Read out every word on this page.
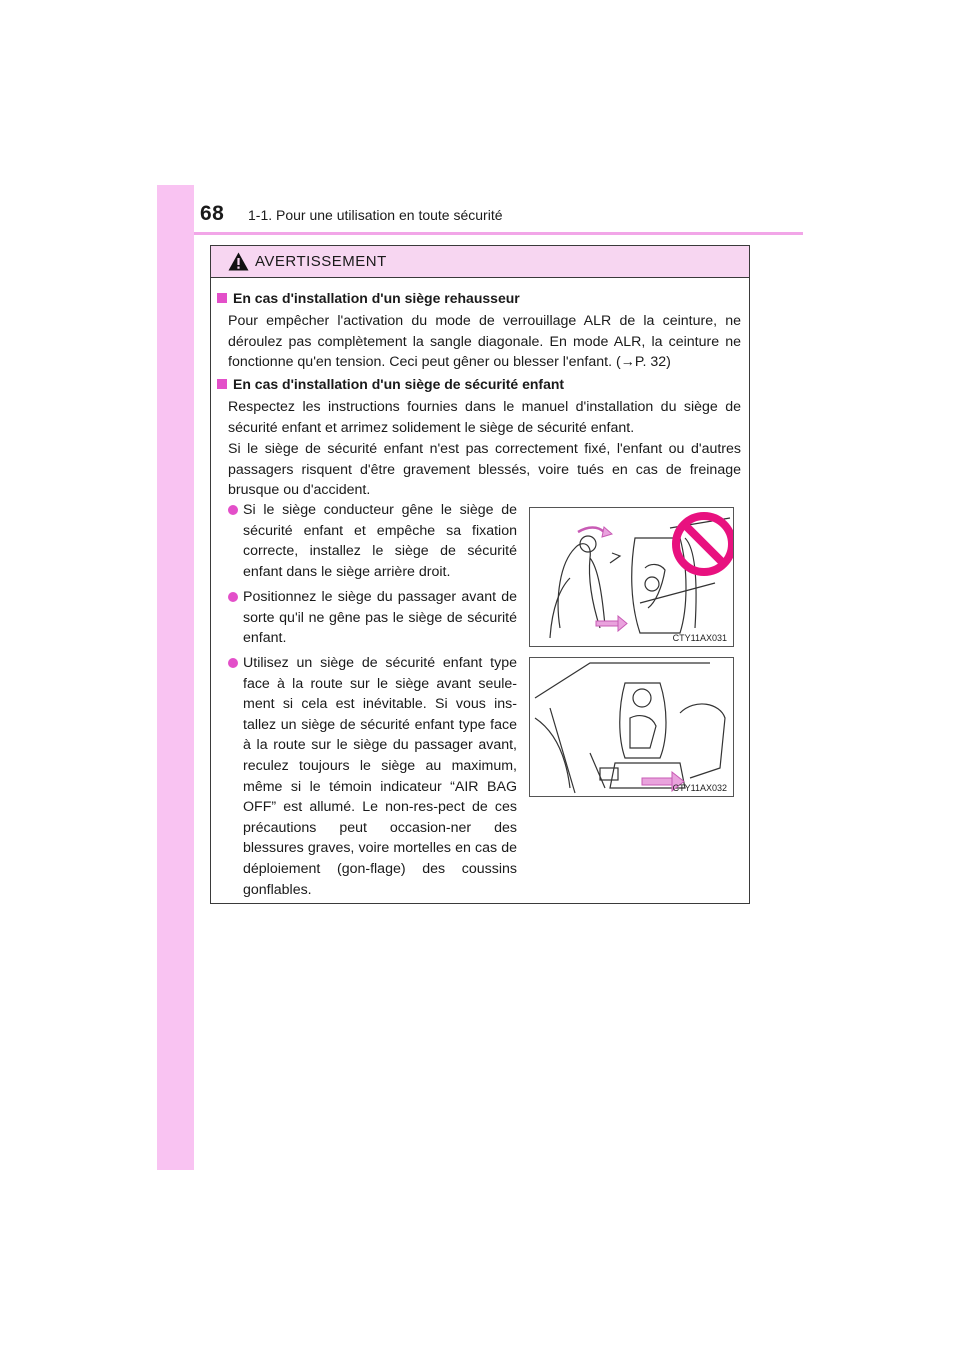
68 1-1. Pour une utilisation en toute sécurité
AVERTISSEMENT
En cas d'installation d'un siège rehausseur
Pour empêcher l'activation du mode de verrouillage ALR de la ceinture, ne déroulez pas complètement la sangle diagonale. En mode ALR, la ceinture ne fonctionne qu'en tension. Ceci peut gêner ou blesser l'enfant. (→P. 32)
En cas d'installation d'un siège de sécurité enfant
Respectez les instructions fournies dans le manuel d'installation du siège de sécurité enfant et arrimez solidement le siège de sécurité enfant.
Si le siège de sécurité enfant n'est pas correctement fixé, l'enfant ou d'autres passagers risquent d'être gravement blessés, voire tués en cas de freinage brusque ou d'accident.
Si le siège conducteur gêne le siège de sécurité enfant et empêche sa fixation correcte, installez le siège de sécurité enfant dans le siège arrière droit.
Positionnez le siège du passager avant de sorte qu'il ne gêne pas le siège de sécurité enfant.
Utilisez un siège de sécurité enfant type face à la route sur le siège avant seule-ment si cela est inévitable. Si vous ins-tallez un siège de sécurité enfant type face à la route sur le siège du passager avant, reculez toujours le siège au maximum, même si le témoin indicateur “AIR BAG OFF” est allumé. Le non-res-pect de ces précautions peut occasion-ner des blessures graves, voire mortelles en cas de déploiement (gon-flage) des coussins gonflables.
CTY11AX031
CTY11AX032
